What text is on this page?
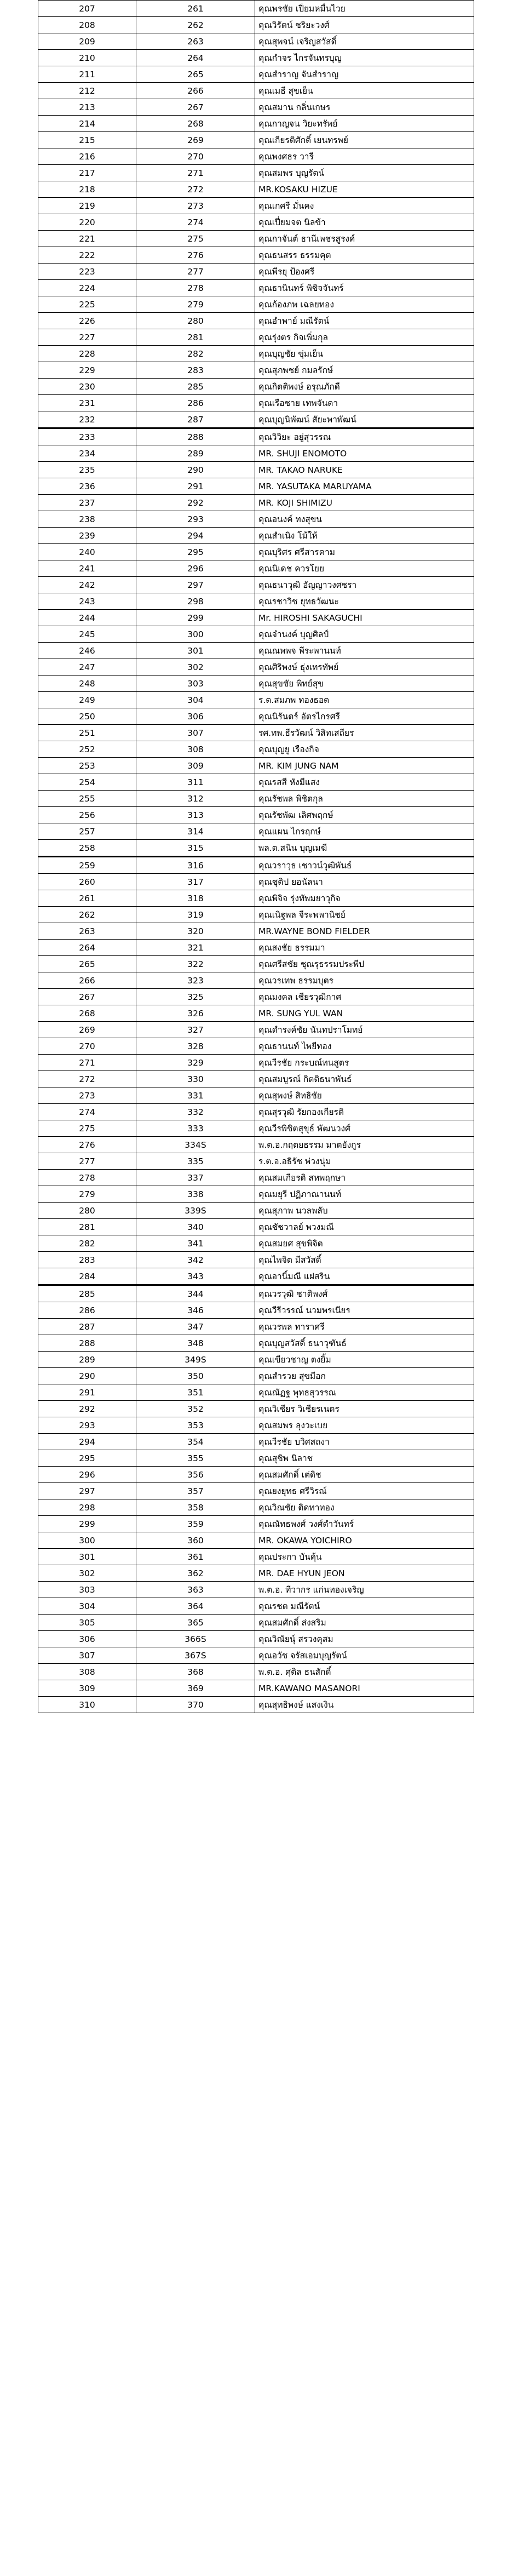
207	261	คุณพรชัย เปี่ยมหมื่นไวย
208	262	คุณวิรัตน์ ชริยะวงศ์
209	263	คุณสุพจน์ เจริญสวัสดิ์
210	264	คุณกำจร ไกรจันทรบุญ
211	265	คุณสำราญ จันสำราญ
212	266	คุณเมธี สุขเย็น
213	267	คุณสมาน กลิ่นเกษร
214	268	คุณกาญจน วิยะทรัพย์
215	269	คุณเกียรติศักดิ์ เยนทรพย์
216	270	คุณพงศธร วารี
217	271	คุณสมพร บุญรัตน์
218	272	MR.KOSAKU HIZUE
219	273	คุณเกศรี มั่นคง
220	274	คุณเปี่ยมจต นิลข้า
221	275	คุณกาจันต์ ธานีเพชรสูรงค์
222	276	คุณธนสรร ธรรมคุต
223	277	คุณพีรยุ ป้องศรี
224	278	คุณธานินทร์ พิชิจจันทร์
225	279	คุณก้องภพ เฉลยทอง
226	280	คุณอำพาย์ มณีรัตน์
227	281	คุณรุ่งตร กิจเพิ่มกุล
228	282	คุณบุญชัย ขุ่มเย็น
229	283	คุณสุภพชย์ กมลรักษ์
230	285	คุณกิตติพงษ์ อรุณภักดี
231	286	คุณเรือชาย เทพจันดา
232	287	คุณบุญนิพัฒน์ สัยะพาพัฒน์
233	288	คุณวิวิยะ อยู่สุวรรณ
234	289	MR. SHUJI ENOMOTO
235	290	MR. TAKAO NARUKE
236	291	MR. YASUTAKA MARUYAMA
237	292	MR. KOJI SHIMIZU
238	293	คุณอนงค์ ทงสุขน
239	294	คุณสำเนิง โม้ให้
240	295	คุณบุริศร ศรีสารคาม
241	296	คุณนิเดช ควรโยย
242	297	คุณธนาวุฒิ อัญญาวงศชรา
243	298	คุณรชาวิช ยุทธวัฒนะ
244	299	Mr. HIROSHI SAKAGUCHI
245	300	คุณจำนงค์ บุญศิลป์
246	301	คุณณพพจ พีระพานนท์
247	302	คุณศิริพงษ์ ธุ่งเทรทัพย์
248	303	คุณสุขชัย พิทย์สุข
249	304	ร.ต.สมภพ ทองธอด
250	306	คุณนิรันตร์ อัตรไกรศรี
251	307	รศ.ทพ.ธีรวัฒน์ วิสิทเสถียร
252	308	คุณบุญยู เรืองกิจ
253	309	MR. KIM JUNG NAM
254	311	คุณรสสี หังมีแสง
255	312	คุณรัชพล พิชิตกุล
256	313	คุณรัชพัฒ เลิศพฤกษ์
257	314	คุณแผน ไกรฤกษ์
258	315	พล.ต.สนิน บุญเมฆี
259	316	คุณวราวุธ เชาวน์วุฒิพันธ์
260	317	คุณชุติป ยอนัลนา
261	318	คุณพิจิจ รุ่งทัพมยาวุกิจ
262	319	คุณเนิฐพล จีระพพานิชย์
263	320	MR.WAYNE BOND FIELDER
264	321	คุณสงชัย ธรรมมา
265	322	คุณศรีสชัย ชุณรุธรรมประพีป
266	323	คุณวรเทพ ธรรมบุตร
267	325	คุณมงคล เชียรวุฒิกาศ
268	326	MR. SUNG YUL WAN
269	327	คุณดำรงค์ชัย นันทปราโมทย์
270	328	คุณธานนท์ ไพยีทอง
271	329	คุณวีรชัย กระบณ์ทนสูตร
272	330	คุณสมบูรณ์ กิตติธนาพันธ์
273	331	คุณสุพงษ์ สิทธิชัย
274	332	คุณสุรวุฒิ รัยกองเกียรติ
275	333	คุณวีรพิชิตสุขุธ์ พัฒนวงศ์
276	334S	พ.ต.อ.กฤตยธรรม มาตยังกูร
277	335	ร.ต.อ.อธิรัช พ่วงนุ่ม
278	337	คุณสมเกียรติ สหพฤกษา
279	338	คุณมยุรี ปฏิภาณานนท์
280	339S	คุณสุภาพ นวลพลับ
281	340	คุณชัชวาลย์ พวงมณี
282	341	คุณสมยศ สุขพิจิต
283	342	คุณไพจิต มีสวัสดิ์
284	343	คุณอานิ์มณี แฝสริน
285	344	คุณวรวุฒิ ชาติพงศ์
286	346	คุณวีรีวรรณ์ นวมพรเนียร
287	347	คุณวรพล ทาราศรี
288	348	คุณบุญสวัสดิ์ ธนาวุฑันธ์
289	349S	คุณเขียวชาญ ตงยิ้ม
290	350	คุณสำรวย สุขมีอก
291	351	คุณณัฏฐ พุทธสุวรรณ
292	352	คุณวิเชียร วิเชียรเนตร
293	353	คุณสมพร ลุงวะเบย
294	354	คุณวีรชัย บวิศสถงา
295	355	คุณสุชิพ นิลาช
296	356	คุณสมศักดิ์ เต่ดิช
297	357	คุณยงยุทธ ศรีวิรณ์
298	358	คุณวิณชัย ติดทาทอง
299	359	คุณณัทธพงศ์ วงศ์ดำวันทร์
300	360	MR. OKAWA YOICHIRO
301	361	คุณประกา บันคุ้น
302	362	MR. DAE HYUN JEON
303	363	พ.ต.อ. ทีวากร แก่นทองเจริญ
304	364	คุณรชต มณีรัตน์
305	365	คุณสมศักดิ์ ส่งสริม
306	366S	คุณวิณัยนุ์ สรวงคุสม
307	367S	คุณอวัช จรัสเอมบุญรัตน์
308	368	พ.ต.อ. ศุติล ธนสักดิ์
309	369	MR.KAWANO MASANORI
310	370	คุณสุทธิพงษ์ แสงเงิน
